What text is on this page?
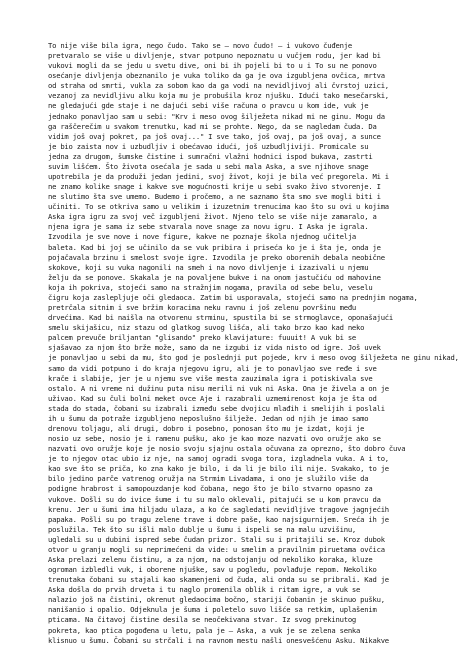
To nije više bila igra, nego čudo. Tako se — novo čudo! — i vukovo čuđenje
pretvaralo se više u divljenje, stvar potpuno nepoznatu u vučjem rodu, jer kad bi
vukovi mogli da se jedu u svetu dive, oni bi ih pojeli bi to u i To su ne ponovo
osećanje divljenja obeznanilo je vuka toliko da ga je ova izgubljena ovčica, mrtva
od straha od smrti, vukla za sobom kao da ga vodi na nevidljivoj ali čvrstoj uzici,
vezanoj za nevidljivu alku koja mu je probušila kroz njušku. Idući tako mesečarski,
ne gledajući gde staje i ne dajući sebi više računa o pravcu u kom ide, vuk je
jednako ponavljao sam u sebi: "Krv i meso ovog šilježeta nikad mi ne ginu. Mogu da
ga raščerečim u svakom trenutku, kad mi se prohte. Nego, da se nagledam čuda. Da
vidim još ovaj pokret, pa još ovaj..." I sve tako, još ovaj, pa još ovaj, a sunce
je bio zaista nov i uzbudljiv i obećavao idući, još uzbudljiviji. Promicale su
jedna za drugom, šumske čistine i sumračni vlažni hodnici ispod bukava, zastrti
suvim lišćem. Što života osećala je sada u sebi mala Aska, a sve njihove snage
upotrebila je da produži jedan jedini, svoj život, koji je bila već pregorela. Mi i
ne znamo kolike snage i kakve sve mogućnosti krije u sebi svako živo stvorenje. I
ne slutimo šta sve umemo. Budemo i pročemo, a ne saznamo šta smo sve mogli biti i
učiniti. To se otkriva samo u velikim i izuzetnim trenucima kao što su ovi u kojima
Aska igra igru za svoj več izgubljeni život. Njeno telo se više nije zamaralo, a
njena igra je sama iz sebe stvarala nove snage za novu igru. I Aska je igrala.
Izvodila je sve nove i nove figure, kakve ne poznaje škola njednog učitelja
baleta. Kad bi joj se učinilo da se vuk pribira i priseća ko je i šta je, onda je
pojačavala brzinu i smelost svoje igre. Izvodila je preko oborenih debala neobične
skokove, koji su vuka nagonili na smeh i na novo divljenje i izazivali u njemu
želju da se ponove. Skakala je na povaljene bukve i na onom jastučiću od mahovine
koja ih pokriva, stojeći samo na stražnjim nogama, pravila od sebe belu, veselu
čigru koja zaslepljuje oči gledaoca. Zatim bi usporavala, stojeći samo na prednjim nogama,
pretrčala sitnim i sve bržim koracima neku ravnu i još zelenu površinu među
drvećima. Kad bi naišla na otvorenu strminu, spustila bi se strmoglavce, oponašajući
smelu skijašicu, niz stazu od glatkog suvog lišća, ali tako brzo kao kad neko
palcem prevuče briljantan "glisando" preko klavijature: fuuuit! A vuk bi se
sjašavao za njom što brže može, samo da ne izgubi iz vida nisto od igre. Još uvek
je ponavljao u sebi da mu, što god je poslednji put pojede, krv i meso ovog šilježeta ne ginu nikad,
samo da vidi potpuno i do kraja njegovu igru, ali je to ponavljao sve ređe i sve
krače i slabije, jer je u njemu sve više mesta zauzimala igra i potiskivala sve
ostalo. A ni vreme ni dužinu puta nisu merili ni vuk ni Aska. Ona je živela a on je
uživao. Kad su čuli bolni meket ovce Aje i razabrali uzmemirenost koja je šta od
stada do stada, čobani su izabrali između sebe dvojicu mlađih i smelijih i poslali
ih u šumu da potraže izgubljeno neposlušno šilježe. Jedan od njih je imao samo
drenovu toljagu, ali drugi, dobro i posebno, ponosan što mu je izdat, koji je
nosio uz sebe, nosio je i ramenu pušku, ako je kao moze nazvati ovo oružje ako se
nazvati ovo oružje koje je nosio svoju sjajnu ostala očuvana za oprezno, što dobro čuva
je to njegov otac ubio iz nje, na samoj ogradi svoga tora, izgladnela vuka. A i to,
kao sve što se priča, ko zna kako je bilo, i da li je bilo ili nije. Svakako, to je
bilo jedino parče vatrenog oružja na Strmim Livadama, i ono je služilo više da
podigne hrabrost i samopouzdanje kod čobana, nego što je bilo stvarno opasno za
vukove. Došli su do ivice šume i tu su malo oklevali, pitajući se u kom pravcu da
krenu. Jer u šumi ima hiljadu ulaza, a ko će sagledati nevidljive tragove jagnjećih
papaka. Pošli su po tragu zelene trave i dobre paše, kao najsigurnijem. Sreća ih je
poslužila. Tek što su išli malo dublje u šumu i ispeli se na malu uzvišinu,
ugledali su u dubini ispred sebe čudan prizor. Stali su i pritajili se. Kroz dubok
otvor u granju mogli su neprimećeni da vide: u smelim a pravilnim piruetama ovčica
Aska prelazi zelenu čistinu, a za njom, na odstojanju od nekoliko koraka, kluze
ogroman izbledli vuk, i oborene njuške, sav u pogledu, povlađuje repom. Nekoliko
trenutaka čobani su stajali kao skamenjeni od čuda, ali onda su se pribrali. Kad je
Aska došla do prvih drveta i tu naglo promenila oblik i ritam igre, a vuk se
nalazio još na čistini, okrenut gledaocima bočno, stariji čobanin je skinuo pušku,
nanišanio i opalio. Odjeknula je šuma i poletelo suvo lišće sa retkim, uplašenim
pticama. Na čitavoj čistine desila se neočekivana stvar. Iz svog prekinutog
pokreta, kao ptica pogođena u letu, pala je — Aska, a vuk je se zelena senka
klisnuo u šumu. Čobani su strčali i na ravnom mestu našli onesvešćenu Asku. Nikakve
